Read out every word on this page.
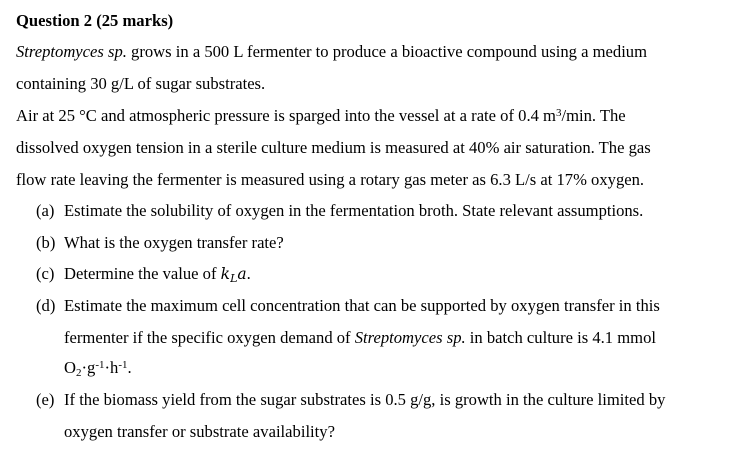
Question 2 (25 marks)
Streptomyces sp. grows in a 500 L fermenter to produce a bioactive compound using a medium
containing 30 g/L of sugar substrates.
Air at 25 °C and atmospheric pressure is sparged into the vessel at a rate of 0.4 $m^3/\min$. The
dissolved oxygen tension in a sterile culture medium is measured at 40% air saturation. The gas
flow rate leaving the fermenter is measured using a rotary gas meter as 6.3 L/s at 17% oxygen.
(a) Estimate the solubility of oxygen in the fermentation broth. State relevant assumptions.
(b) What is the oxygen transfer rate?
(c) Determine the value of $k_La$.
(d) Estimate the maximum cell concentration that can be supported by oxygen transfer in this
fermenter if the specific oxygen demand of Streptomyces sp. in batch culture is 4.1 mmol
$O_2\cdot g^{-1}\cdot h^{-1}$.
(e) If the biomass yield from the sugar substrates is 0.5 g/g, is growth in the culture limited by
oxygen transfer or substrate availability?
